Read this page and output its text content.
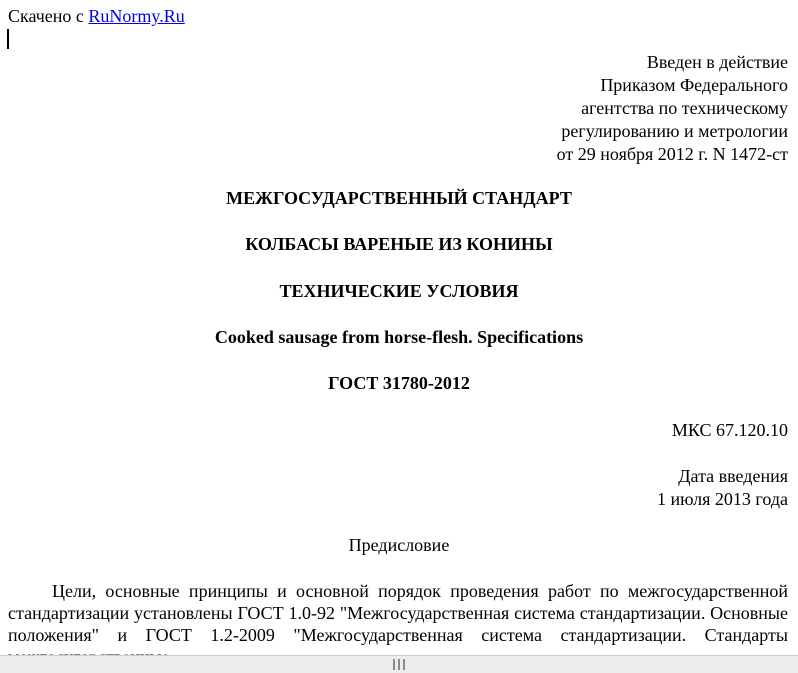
Скачено с RuNormy.Ru
Введен в действие
Приказом Федерального
агентства по техническому
регулированию и метрологии
от 29 ноября 2012 г. N 1472-ст
МЕЖГОСУДАРСТВЕННЫЙ СТАНДАРТ
КОЛБАСЫ ВАРЕНЫЕ ИЗ КОНИНЫ
ТЕХНИЧЕСКИЕ УСЛОВИЯ
Cooked sausage from horse-flesh. Specifications
ГОСТ 31780-2012
МКС 67.120.10
Дата введения
1 июля 2013 года
Предисловие
Цели, основные принципы и основной порядок проведения работ по межгосударственной стандартизации установлены ГОСТ 1.0-92 "Межгосударственная система стандартизации. Основные положения" и ГОСТ 1.2-2009 "Межгосударственная система стандартизации. Стандарты
